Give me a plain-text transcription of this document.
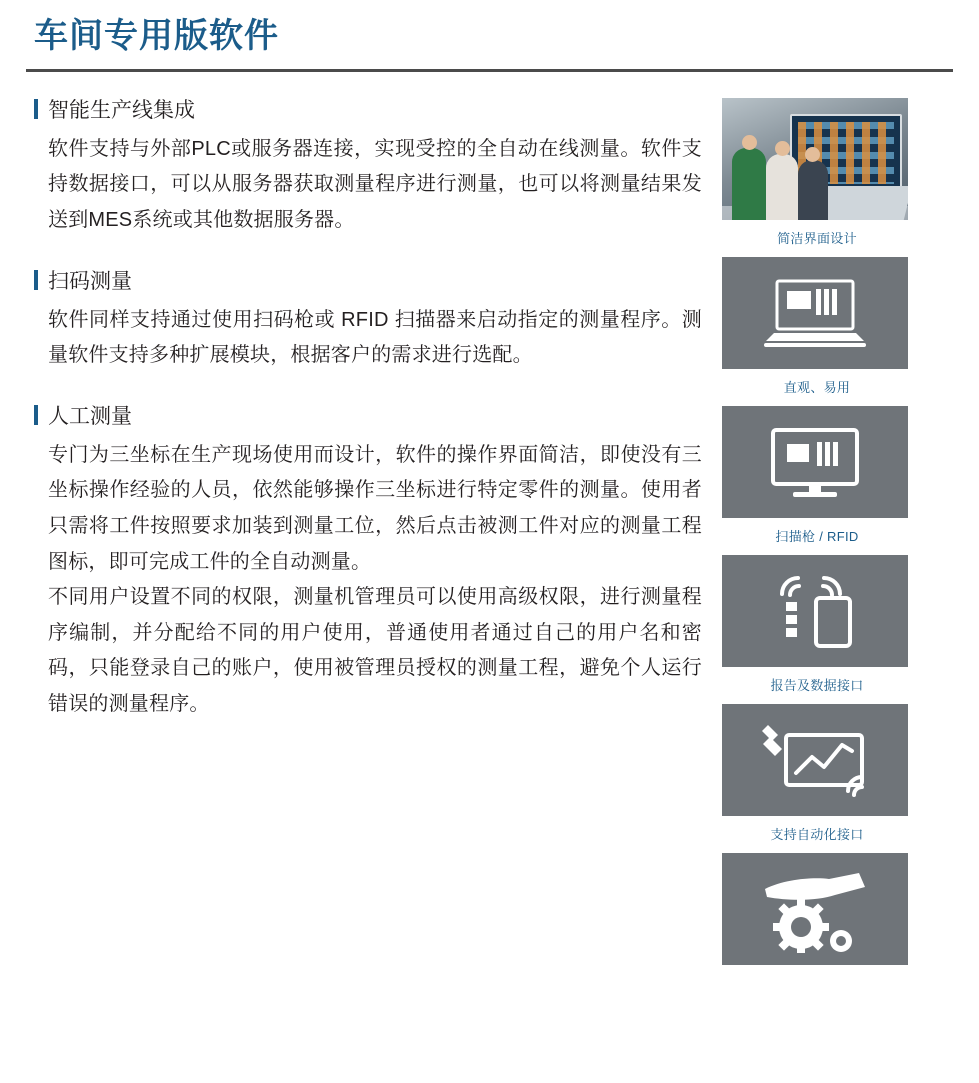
车间专用版软件
智能生产线集成

软件支持与外部PLC或服务器连接，实现受控的全自动在线测量。软件支持数据接口，可以从服务器获取测量程序进行测量，也可以将测量结果发送到MES系统或其他数据服务器。

扫码测量

软件同样支持通过使用扫码枪或 RFID 扫描器来启动指定的测量程序。测量软件支持多种扩展模块，根据客户的需求进行选配。

人工测量

专门为三坐标在生产现场使用而设计，软件的操作界面简洁，即使没有三坐标操作经验的人员，依然能够操作三坐标进行特定零件的测量。使用者只需将工件按照要求加装到测量工位，然后点击被测工件对应的测量工程图标，即可完成工件的全自动测量。

不同用户设置不同的权限，测量机管理员可以使用高级权限，进行测量程序编制，并分配给不同的用户使用，普通使用者通过自己的用户名和密码，只能登录自己的账户，使用被管理员授权的测量工程，避免个人运行错误的测量程序。

简洁界面设计
直观、易用
扫描枪 / RFID
报告及数据接口
支持自动化接口
